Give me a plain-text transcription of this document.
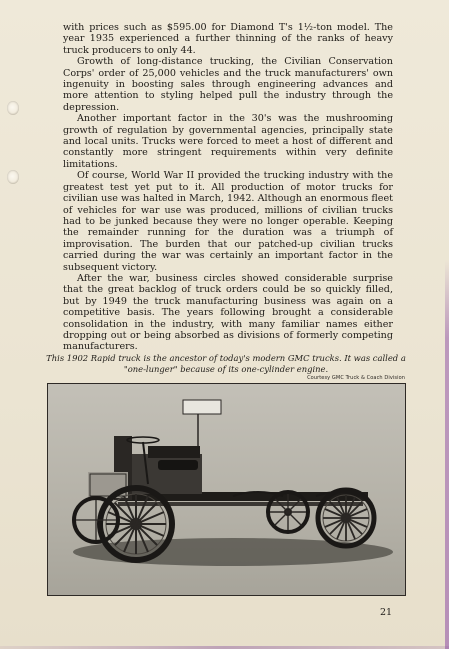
with prices such as $595.00 for Diamond T's 1½-ton model. The year 1935 experienced a further thinning of the ranks of heavy truck producers to only 44.

Growth of long-distance trucking, the Civilian Conservation Corps' order of 25,000 vehicles and the truck manufacturers' own ingenuity in boosting sales through engineering advances and more attention to styling helped pull the industry through the depression.

Another important factor in the 30's was the mushrooming growth of regulation by governmental agencies, principally state and local units. Trucks were forced to meet a host of different and constantly more stringent requirements within very definite limitations.

Of course, World War II provided the trucking industry with the greatest test yet put to it. All production of motor trucks for civilian use was halted in March, 1942. Although an enormous fleet of vehicles for war use was produced, millions of civilian trucks had to be junked because they were no longer operable. Keeping the remainder running for the duration was a triumph of improvisation. The burden that our patched-up civilian trucks carried during the war was certainly an important factor in the subsequent victory.

After the war, business circles showed considerable surprise that the great backlog of truck orders could be so quickly filled, but by 1949 the truck manufacturing business was again on a competitive basis. The years following brought a considerable consolidation in the industry, with many familiar names either dropping out or being absorbed as divisions of formerly competing manufacturers.

This 1902 Rapid truck is the ancestor of today's modern GMC trucks. It was called a "one-lunger" because of its one-cylinder engine.
Courtesy GMC Truck & Coach Division
21
